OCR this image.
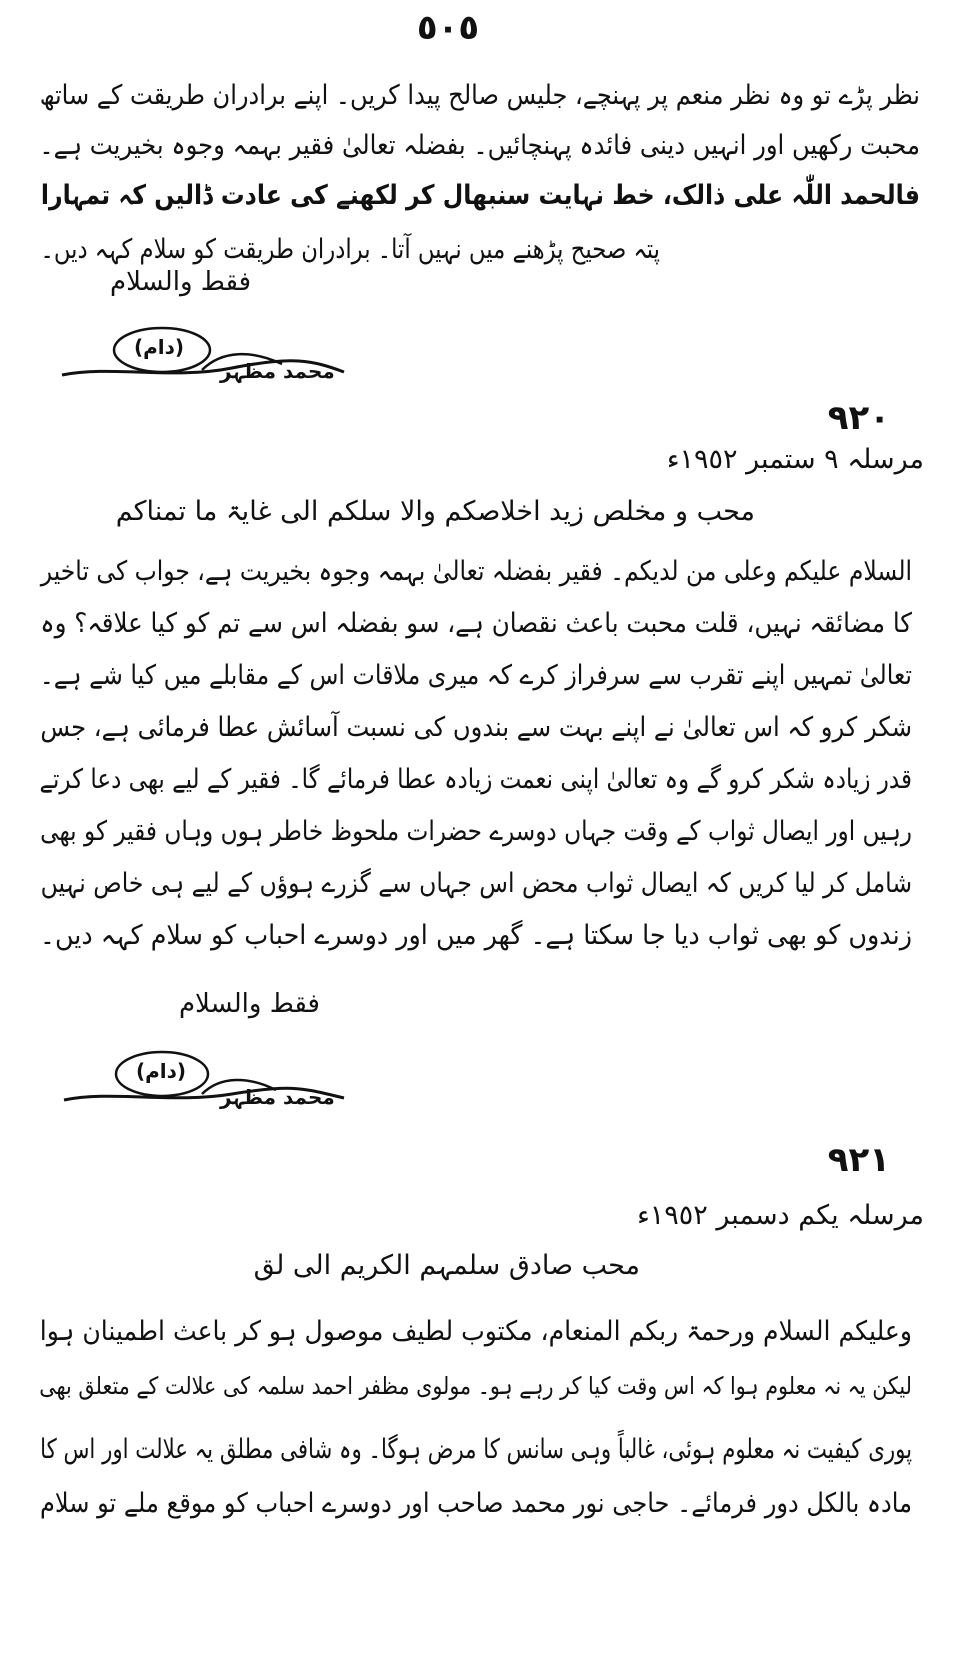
٥٠٥
نظر پڑے تو وہ نظر منعم پر پہنچے، جلیس صالح پیدا کریں۔ اپنے برادران طریقت کے ساتھ
محبت رکھیں اور انہیں دینی فائدہ پہنچائیں۔ بفضلہ تعالیٰ فقیر بہمہ وجوہ بخیریت ہے۔
فالحمد اللّٰہ علی ذالک، خط نہایت سنبھال کر لکھنے کی عادت ڈالیں کہ تمہارا
پتہ صحیح پڑھنے میں نہیں آتا۔ برادران طریقت کو سلام کہہ دیں۔
فقط والسلام
(دام)
محمد مظہر
٩٢٠
مرسلہ ٩ ستمبر ١٩٥٢ء
محب و مخلص زید اخلاصکم والا سلکم الی غایۃ ما تمناکم
السلام علیکم وعلی من لدیکم۔ فقیر بفضلہ تعالیٰ بہمہ وجوہ بخیریت ہے، جواب کی تاخیر
کا مضائقہ نہیں، قلت محبت باعث نقصان ہے، سو بفضلہ اس سے تم کو کیا علاقہ؟ وہ
تعالیٰ تمہیں اپنے تقرب سے سرفراز کرے کہ میری ملاقات اس کے مقابلے میں کیا شے ہے۔
شکر کرو کہ اس تعالیٰ نے اپنے بہت سے بندوں کی نسبت آسائش عطا فرمائی ہے، جس
قدر زیادہ شکر کرو گے وہ تعالیٰ اپنی نعمت زیادہ عطا فرمائے گا۔ فقیر کے لیے بھی دعا کرتے
رہیں اور ایصال ثواب کے وقت جہاں دوسرے حضرات ملحوظ خاطر ہوں وہاں فقیر کو بھی
شامل کر لیا کریں کہ ایصال ثواب محض اس جہاں سے گزرے ہوؤں کے لیے ہی خاص نہیں
زندوں کو بھی ثواب دیا جا سکتا ہے۔ گھر میں اور دوسرے احباب کو سلام کہہ دیں۔
فقط والسلام
(دام)
محمد مظہر
٩٢١
مرسلہ یکم دسمبر ١٩٥٢ء
محب صادق سلمہم الکریم الی لق
وعلیکم السلام ورحمۃ ربکم المنعام، مکتوب لطیف موصول ہو کر باعث اطمینان ہوا
لیکن یہ نہ معلوم ہوا کہ اس وقت کیا کر رہے ہو۔ مولوی مظفر احمد سلمہ کی علالت کے متعلق بھی
پوری کیفیت نہ معلوم ہوئی، غالباً وہی سانس کا مرض ہوگا۔ وہ شافی مطلق یہ علالت اور اس کا
مادہ بالکل دور فرمائے۔ حاجی نور محمد صاحب اور دوسرے احباب کو موقع ملے تو سلام
